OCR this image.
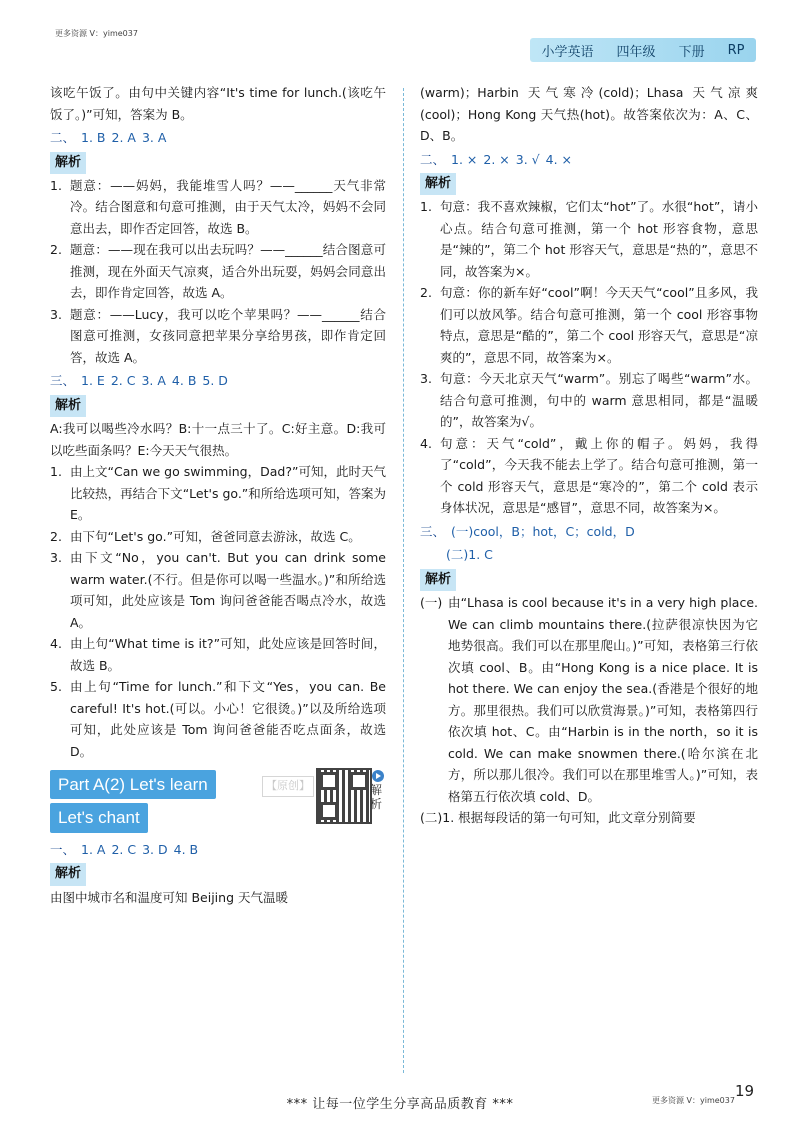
更多资源 V：yime037
小学英语	四年级	下册	RP

该吃午饭了。由句中关键内容“It's time for lunch.(该吃午饭了。)”可知，答案为 B。

二、 1. B 2. A 3. A
解析
1. 题意：——妈妈，我能堆雪人吗？——______天气非常冷。结合图意和句意可推测，由于天气太冷，妈妈不会同意出去，即作否定回答，故选 B。
2. 题意：——现在我可以出去玩吗？——______结合图意可推测，现在外面天气凉爽，适合外出玩耍，妈妈会同意出去，即作肯定回答，故选 A。
3. 题意：——Lucy，我可以吃个苹果吗？——______结合图意可推测，女孩同意把苹果分享给男孩，即作肯定回答，故选 A。
三、 1. E 2. C 3. A 4. B 5. D
解析

A:我可以喝些冷水吗？B:十一点三十了。C:好主意。D:我可以吃些面条吗？E:今天天气很热。

1. 由上文“Can we go swimming，Dad?”可知，此时天气比较热，再结合下文“Let's go.”和所给选项可知，答案为 E。
2. 由下句“Let's go.”可知，爸爸同意去游泳，故选 C。
3. 由下文“No，you can't. But you can drink some warm water.(不行。但是你可以喝一些温水。)”和所给选项可知，此处应该是 Tom 询问爸爸能否喝点冷水，故选 A。
4. 由上句“What time is it?”可知，此处应该是回答时间，故选 B。
5. 由上句“Time for lunch.”和下文“Yes，you can. Be careful! It's hot.(可以。小心！它很烫。)”以及所给选项可知，此处应该是 Tom 询问爸爸能否吃点面条，故选 D。
Part A(2) Let's learn
Let's chant
【原创】	解析
一、 1. A 2. C 3. D 4. B
解析

由图中城市名和温度可知 Beijing 天气温暖

(warm)；Harbin 天气寒冷(cold)；Lhasa 天气凉爽(cool)；Hong Kong 天气热(hot)。故答案依次为：A、C、D、B。

二、 1. × 2. × 3. √ 4. ×
解析
1. 句意：我不喜欢辣椒，它们太“hot”了。水很“hot”，请小心点。结合句意可推测，第一个 hot 形容食物，意思是“辣的”，第二个 hot 形容天气，意思是“热的”，意思不同，故答案为×。
2. 句意：你的新车好“cool”啊！今天天气“cool”且多风，我们可以放风筝。结合句意可推测，第一个 cool 形容事物特点，意思是“酷的”，第二个 cool 形容天气，意思是“凉爽的”，意思不同，故答案为×。
3. 句意：今天北京天气“warm”。别忘了喝些“warm”水。结合句意可推测，句中的 warm 意思相同，都是“温暖的”，故答案为√。
4. 句意：天气“cold”，戴上你的帽子。妈妈，我得了“cold”，今天我不能去上学了。结合句意可推测，第一个 cold 形容天气，意思是“寒冷的”，第二个 cold 表示身体状况，意思是“感冒”，意思不同，故答案为×。
三、 (一)cool，B；hot，C；cold，D
(二)1. C
解析
(一) 由“Lhasa is cool because it's in a very high place. We can climb mountains there.(拉萨很凉快因为它地势很高。我们可以在那里爬山。)”可知，表格第三行依次填 cool、B。由“Hong Kong is a nice place. It is hot there. We can enjoy the sea.(香港是个很好的地方。那里很热。我们可以欣赏海景。)”可知，表格第四行依次填 hot、C。由“Harbin is in the north，so it is cold. We can make snowmen there.(哈尔滨在北方，所以那儿很冷。我们可以在那里堆雪人。)”可知，表格第五行依次填 cold、D。

(二)1. 根据每段话的第一句可知，此文章分别简要

*** 让每一位学生分享高品质教育 ***
19
更多资源 V：yime037
